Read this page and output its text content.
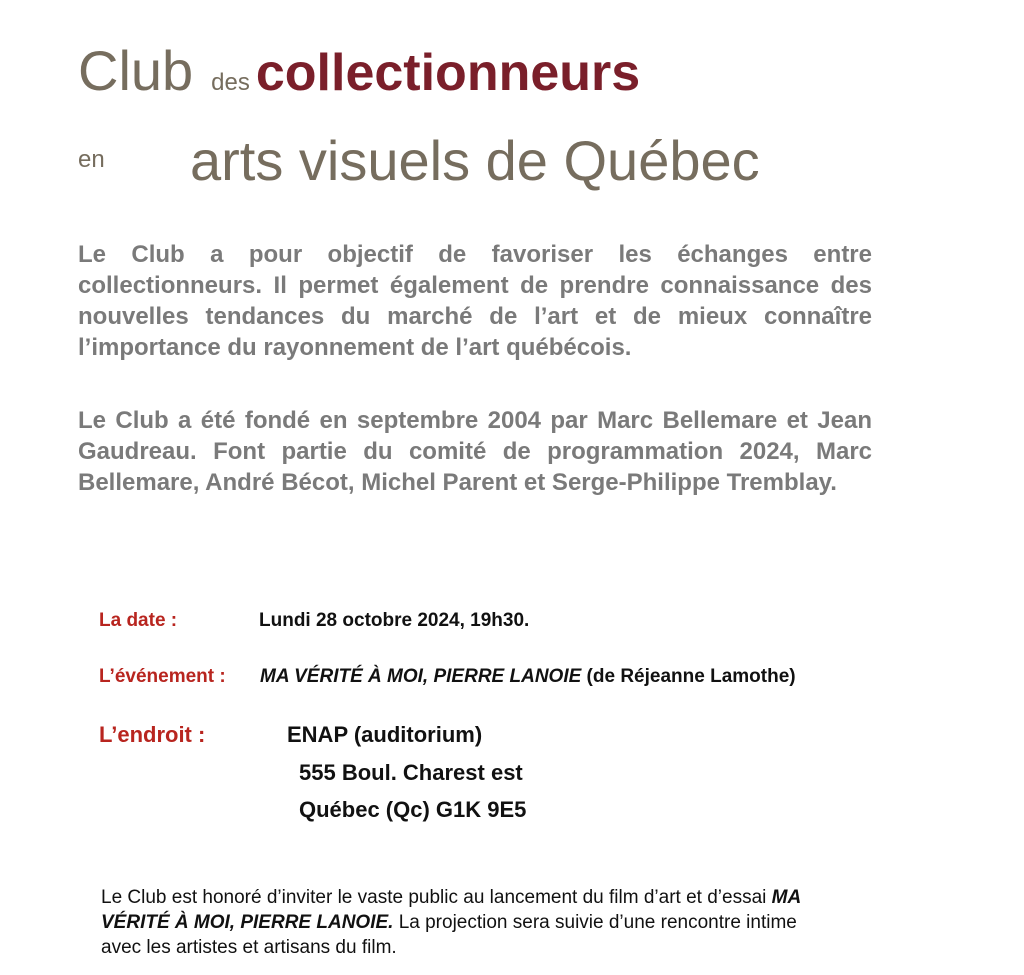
Club des collectionneurs
en arts visuels de Québec

Le Club a pour objectif de favoriser les échanges entre collectionneurs. Il permet également de prendre connaissance des nouvelles tendances du marché de l’art et de mieux connaître l’importance du rayonnement de l’art québécois.

Le Club a été fondé en septembre 2004 par Marc Bellemare et Jean Gaudreau. Font partie du comité de programmation 2024, Marc Bellemare, André Bécot, Michel Parent et Serge-Philippe Tremblay.

La date :	Lundi 28 octobre 2024, 19h30.
L’événement : MA VÉRITÉ À MOI, PIERRE LANOIE (de Réjeanne Lamothe)
L’endroit :	ENAP (auditorium)
555 Boul. Charest est
Québec (Qc) G1K 9E5

Le Club est honoré d’inviter le vaste public au lancement du film d’art et d’essai MA VÉRITÉ À MOI, PIERRE LANOIE. La projection sera suivie d’une rencontre intime avec les artistes et artisans du film.
